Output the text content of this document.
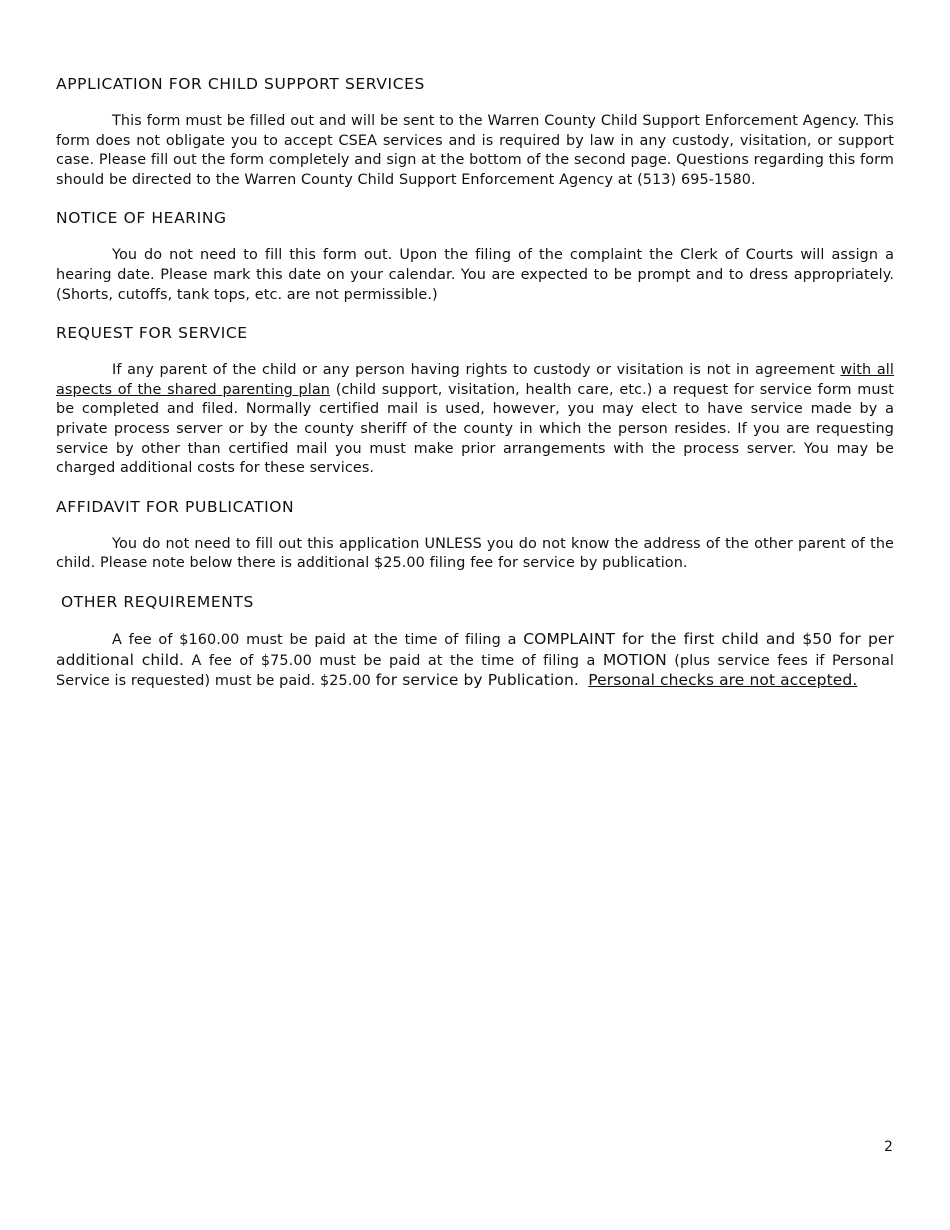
APPLICATION FOR CHILD SUPPORT SERVICES

This form must be filled out and will be sent to the Warren County Child Support Enforcement Agency. This form does not obligate you to accept CSEA services and is required by law in any custody, visitation, or support case. Please fill out the form completely and sign at the bottom of the second page. Questions regarding this form should be directed to the Warren County Child Support Enforcement Agency at (513) 695-1580.

NOTICE OF HEARING

You do not need to fill this form out. Upon the filing of the complaint the Clerk of Courts will assign a hearing date. Please mark this date on your calendar. You are expected to be prompt and to dress appropriately. (Shorts, cutoffs, tank tops, etc. are not permissible.)

REQUEST FOR SERVICE

If any parent of the child or any person having rights to custody or visitation is not in agreement with all aspects of the shared parenting plan (child support, visitation, health care, etc.) a request for service form must be completed and filed. Normally certified mail is used, however, you may elect to have service made by a private process server or by the county sheriff of the county in which the person resides. If you are requesting service by other than certified mail you must make prior arrangements with the process server. You may be charged additional costs for these services.

AFFIDAVIT FOR PUBLICATION

You do not need to fill out this application UNLESS you do not know the address of the other parent of the child. Please note below there is additional $25.00 filing fee for service by publication.

OTHER REQUIREMENTS

A fee of $160.00 must be paid at the time of filing a COMPLAINT for the first child and $50 for per additional child. A fee of $75.00 must be paid at the time of filing a MOTION (plus service fees if Personal Service is requested) must be paid. $25.00 for service by Publication. Personal checks are not accepted.

2
